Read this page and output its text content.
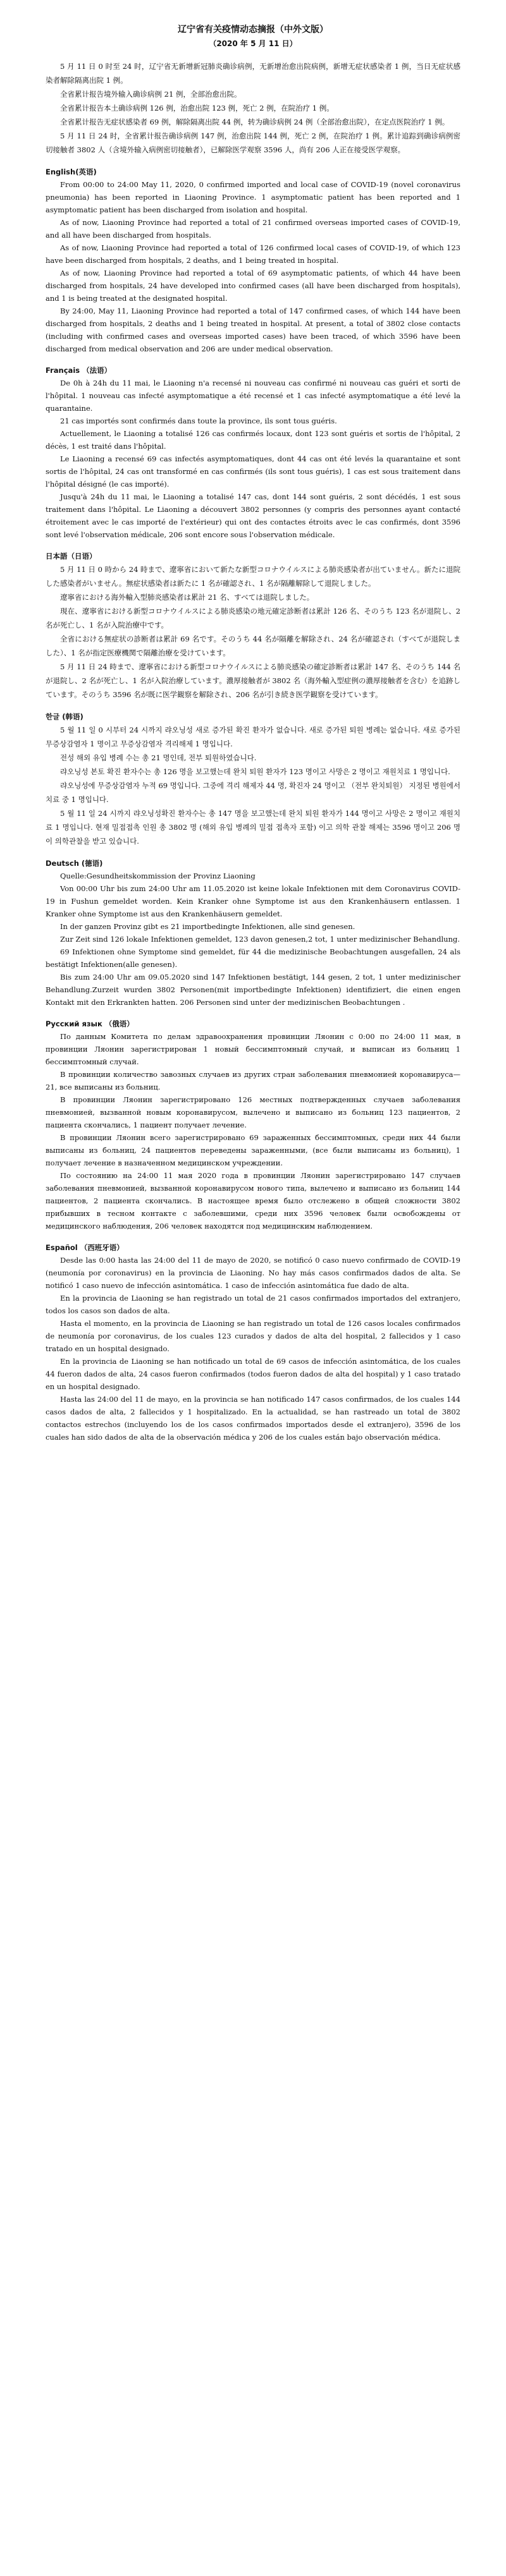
辽宁省有关疫情动态摘报（中外文版）
（2020 年 5 月 11 日）

5 月 11 日 0 时至 24 时，辽宁省无新增新冠肺炎确诊病例，无新增治愈出院病例，新增无症状感染者 1 例，当日无症状感染者解除隔离出院 1 例。

全省累计报告境外输入确诊病例 21 例，全部治愈出院。

全省累计报告本土确诊病例 126 例，治愈出院 123 例，死亡 2 例，在院治疗 1 例。

全省累计报告无症状感染者 69 例，解除隔离出院 44 例，转为确诊病例 24 例（全部治愈出院），在定点医院治疗 1 例。

5 月 11 日 24 时，全省累计报告确诊病例 147 例，治愈出院 144 例，死亡 2 例，在院治疗 1 例。累计追踪到确诊病例密切接触者 3802 人（含境外输入病例密切接触者），已解除医学观察 3596 人，尚有 206 人正在接受医学观察。

English(英语)

From 00:00 to 24:00 May 11, 2020, 0 confirmed imported and local case of COVID-19 (novel coronavirus pneumonia) has been reported in Liaoning Province. 1 asymptomatic patient has been reported and 1 asymptomatic patient has been discharged from isolation and hospital.

As of now, Liaoning Province had reported a total of 21 confirmed overseas imported cases of COVID-19, and all have been discharged from hospitals.

As of now, Liaoning Province had reported a total of 126 confirmed local cases of COVID-19, of which 123 have been discharged from hospitals, 2 deaths, and 1 being treated in hospital.

As of now, Liaoning Province had reported a total of 69 asymptomatic patients, of which 44 have been discharged from hospitals, 24 have developed into confirmed cases (all have been discharged from hospitals), and 1 is being treated at the designated hospital.

By 24:00, May 11, Liaoning Province had reported a total of 147 confirmed cases, of which 144 have been discharged from hospitals, 2 deaths and 1 being treated in hospital. At present, a total of 3802 close contacts (including with confirmed cases and overseas imported cases) have been traced, of which 3596 have been discharged from medical observation and 206 are under medical observation.

Français （法语）

De 0h à 24h du 11 mai, le Liaoning n'a recensé ni nouveau cas confirmé ni nouveau cas guéri et sorti de l'hôpital. 1 nouveau cas infecté asymptomatique a été recensé et 1 cas infecté asymptomatique a été levé la quarantaine.

21 cas importés sont confirmés dans toute la province, ils sont tous guéris.

Actuellement, le Liaoning a totalisé 126 cas confirmés locaux, dont 123 sont guéris et sortis de l'hôpital, 2 décès, 1 est traité dans l'hôpital.

Le Liaoning a recensé 69 cas infectés asymptomatiques, dont 44 cas ont été levés la quarantaine et sont sortis de l'hôpital, 24 cas ont transformé en cas confirmés (ils sont tous guéris), 1 cas est sous traitement dans l'hôpital désigné (le cas importé).

Jusqu'à 24h du 11 mai, le Liaoning a totalisé 147 cas, dont 144 sont guéris, 2 sont décédés, 1 est sous traitement dans l'hôpital. Le Liaoning a découvert 3802 personnes (y compris des personnes ayant contacté étroitement avec le cas importé de l'extérieur) qui ont des contactes étroits avec le cas confirmés, dont 3596 sont levé l'observation médicale, 206 sont encore sous l'observation médicale.

日本語（日语）

5 月 11 日 0 時から 24 時まで、遼寧省において新たな新型コロナウイルスによる肺炎感染者が出ていません。新たに退院した感染者がいません。無症状感染者は新たに 1 名が確認され、1 名が隔離解除して退院しました。

遼寧省における海外輸入型肺炎感染者は累計 21 名、すべては退院しました。

現在、遼寧省における新型コロナウイルスによる肺炎感染の地元確定診断者は累計 126 名、そのうち 123 名が退院し、2 名が死亡し、1 名が入院治療中です。

全省における無症状の診断者は累計 69 名です。そのうち 44 名が隔離を解除され、24 名が確認され（すべてが退院しました）、1 名が指定医療機関で隔離治療を受けています。

5 月 11 日 24 時まで、遼寧省における新型コロナウイルスによる肺炎感染の確定診断者は累計 147 名、そのうち 144 名が退院し、2 名が死亡し、1 名が入院治療しています。濃厚接触者が 3802 名（海外輸入型症例の濃厚接触者を含む）を追跡しています。そのうち 3596 名が既に医学観察を解除され、206 名が引き続き医学観察を受けています。

한글 (韩语)

5 월 11 일 0 시부터 24 시까지 랴오닝성 새로 증가된 확진 환자가 없습니다. 새로 증가된 퇴원 병례는 없습니다. 새로 증가된 무증상감염자 1 명이고 무증상감염자 격리해제 1 명입니다.

전성 해외 유입 병례 수는 총 21 명인데, 전부 퇴원하였습니다.

랴오닝성 본토 확진 환자수는 총 126 명을 보고했는데 완치 퇴원 환자가 123 명이고 사망은 2 명이고 재원치료 1 명입니다.

랴오닝성에 무증상감염자 누적 69 명입니다. 그중에 격리 해제자 44 명, 확진자 24 명이고 （전부 완치퇴원） 지정된 병원에서 치료 중 1 명입니다.

5 월 11 일 24 시까지 랴오닝성확진 환자수는 총 147 명을 보고했는데 완치 퇴원 환자가 144 명이고 사망은 2 명이고 재원치료 1 명입니다. 현재 밀접접촉 인원 총 3802 명 (해외 유입 병례의 밀접 접촉자 포함) 이고 의학 관찰 해제는 3596 명이고 206 명이 의학관찰을 받고 있습니다.

Deutsch (德语)

Quelle:Gesundheitskommission der Provinz Liaoning

Von 00:00 Uhr bis zum 24:00 Uhr am 11.05.2020 ist keine lokale Infektionen mit dem Coronavirus COVID-19 in Fushun gemeldet worden. Kein Kranker ohne Symptome ist aus den Krankenhäusern entlassen. 1 Kranker ohne Symptome ist aus den Krankenhäusern gemeldet.

In der ganzen Provinz gibt es 21 importbedingte Infektionen, alle sind genesen.

Zur Zeit sind 126 lokale Infektionen gemeldet, 123 davon genesen,2 tot, 1 unter medizinischer Behandlung.

69 Infektionen ohne Symptome sind gemeldet, für 44 die medizinische Beobachtungen ausgefallen, 24 als bestätigt Infektionen(alle genesen).

Bis zum 24:00 Uhr am 09.05.2020 sind 147 Infektionen bestätigt, 144 gesen, 2 tot, 1 unter medizinischer Behandlung.Zurzeit wurden 3802 Personen(mit importbedingte Infektionen) identifiziert, die einen engen Kontakt mit den Erkrankten hatten. 206 Personen sind unter der medizinischen Beobachtungen .

Русский язык （俄语）

По данным Комитета по делам здравоохранения провинции Ляонин с 0:00 по 24:00 11 мая, в провинции Ляонин зарегистрирован 1 новый бессимптомный случай, и выписан из больниц 1 бессимптомный случай.

В провинции количество завозных случаев из других стран заболевания пневмонией коронавируса—21, все выписаны из больниц.

В провинции Ляонин зарегистрировано 126 местных подтвержденных случаев заболевания пневмонией, вызванной новым коронавирусом, вылечено и выписано из больниц 123 пациентов, 2 пациента скончались, 1 пациент получает лечение.

В провинции Ляонин всего зарегистрировано 69 зараженных бессимптомных, среди них 44 были выписаны из больниц, 24 пациентов переведены зараженными, (все были выписаны из больниц), 1 получает лечение в назначенном медицинском учреждении.

По состоянию на 24:00 11 мая 2020 года в провинции Ляонин зарегистрировано 147 случаев заболевания пневмонией, вызванной коронавирусом нового типа, вылечено и выписано из больниц 144 пациентов, 2 пациента скончались. В настоящее время было отслежено в общей сложности 3802 прибывших в тесном контакте с заболевшими, среди них 3596 человек были освобождены от медицинского наблюдения, 206 человек находятся под медицинским наблюдением.

Español （西班牙语）

Desde las 0:00 hasta las 24:00 del 11 de mayo de 2020, se notificó 0 caso nuevo confirmado de COVID-19 (neumonía por coronavirus) en la provincia de Liaoning. No hay más casos confirmados dados de alta. Se notificó 1 caso nuevo de infección asintomática. 1 caso de infección asintomática fue dado de alta.

En la provincia de Liaoning se han registrado un total de 21 casos confirmados importados del extranjero, todos los casos son dados de alta.

Hasta el momento, en la provincia de Liaoning se han registrado un total de 126 casos locales confirmados de neumonía por coronavirus, de los cuales 123 curados y dados de alta del hospital, 2 fallecidos y 1 caso tratado en un hospital designado.

En la provincia de Liaoning se han notificado un total de 69 casos de infección asintomática, de los cuales 44 fueron dados de alta, 24 casos fueron confirmados (todos fueron dados de alta del hospital) y 1 caso tratado en un hospital designado.

Hasta las 24:00 del 11 de mayo, en la provincia se han notificado 147 casos confirmados, de los cuales 144 casos dados de alta, 2 fallecidos y 1 hospitalizado. En la actualidad, se han rastreado un total de 3802 contactos estrechos (incluyendo los de los casos confirmados importados desde el extranjero), 3596 de los cuales han sido dados de alta de la observación médica y 206 de los cuales están bajo observación médica.
